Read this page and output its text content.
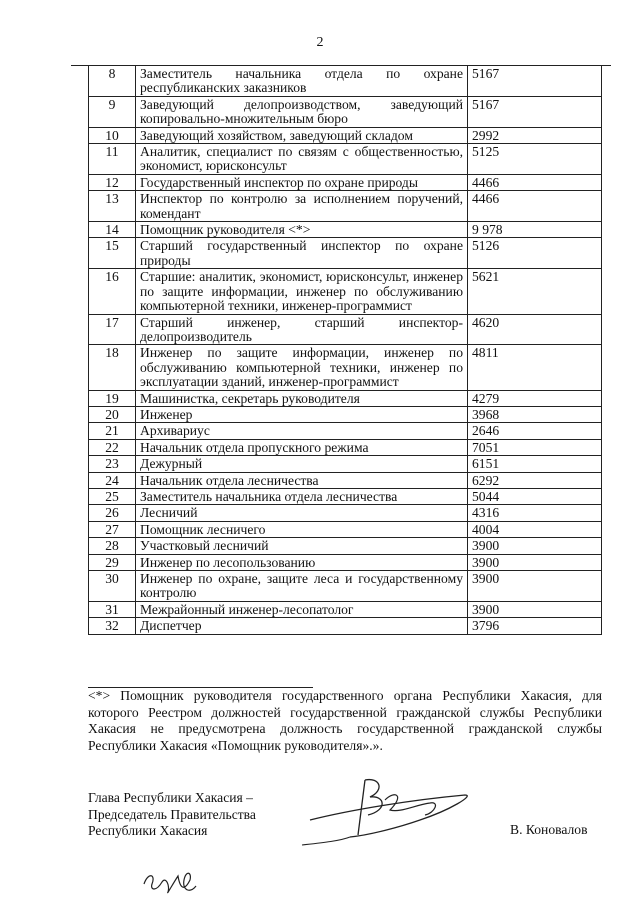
2
8	Заместитель начальника отдела по охране республиканских заказников	5167
9	Заведующий делопроизводством, заведующий копировально-множительным бюро	5167
10	Заведующий хозяйством, заведующий складом	2992
11	Аналитик, специалист по связям с общественностью, экономист, юрисконсульт	5125
12	Государственный инспектор по охране природы	4466
13	Инспектор по контролю за исполнением поручений, комендант	4466
14	Помощник руководителя <*>	9 978
15	Старший государственный инспектор по охране природы	5126
16	Старшие: аналитик, экономист, юрисконсульт, инженер по защите информации, инженер по обслуживанию компьютерной техники, инженер-программист	5621
17	Старший инженер, старший инспектор-делопроизводитель	4620
18	Инженер по защите информации, инженер по обслуживанию компьютерной техники, инженер по эксплуатации зданий, инженер-программист	4811
19	Машинистка, секретарь руководителя	4279
20	Инженер	3968
21	Архивариус	2646
22	Начальник отдела пропускного режима	7051
23	Дежурный	6151
24	Начальник отдела лесничества	6292
25	Заместитель начальника отдела лесничества	5044
26	Лесничий	4316
27	Помощник лесничего	4004
28	Участковый лесничий	3900
29	Инженер по лесопользованию	3900
30	Инженер по охране, защите леса и государственному контролю	3900
31	Межрайонный инженер-лесопатолог	3900
32	Диспетчер	3796
<*> Помощник руководителя государственного органа Республики Хакасия, для которого Реестром должностей государственной гражданской службы Республики Хакасия не предусмотрена должность государственной гражданской службы Республики Хакасия «Помощник руководителя».».
Глава Республики Хакасия –
Председатель Правительства
Республики Хакасия	В. Коновалов
